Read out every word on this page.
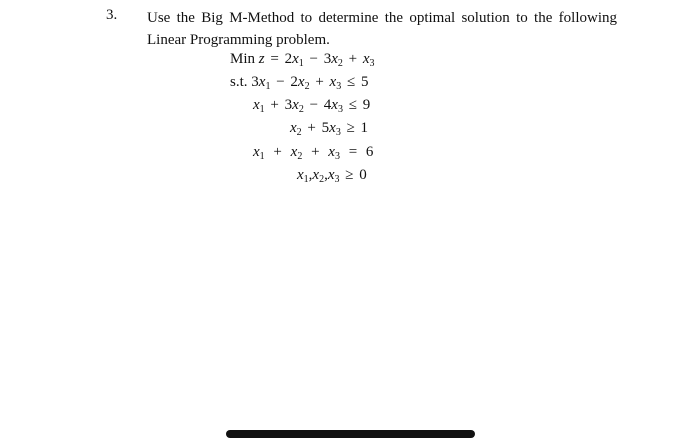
3. Use the Big M-Method to determine the optimal solution to the following Linear Programming problem.
Min $z = 2x_1 - 3x_2 + x_3$
s.t. $3x_1 - 2x_2 + x_3 \le 5$
$x_1 + 3x_2 - 4x_3 \le 9$
$x_2 + 5x_3 \ge 1$
$x_1 + x_2 + x_3 = 6$
$x_1,x_2,x_3 \ge 0$
